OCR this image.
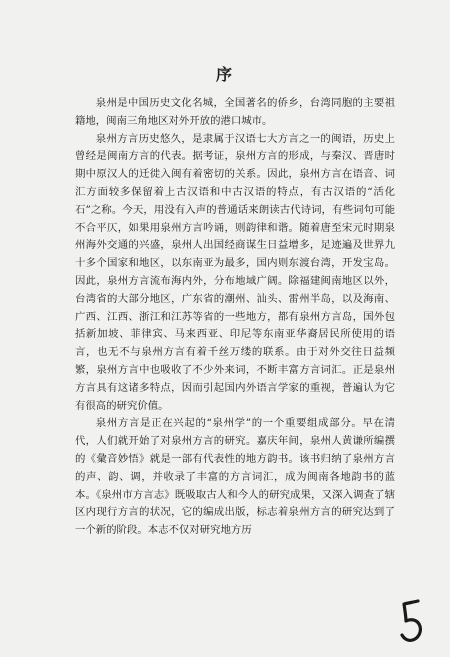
序

泉州是中国历史文化名城，全国著名的侨乡，台湾同胞的主要祖籍地，闽南三角地区对外开放的港口城市。

泉州方言历史悠久，是隶属于汉语七大方言之一的闽语，历史上曾经是闽南方言的代表。据考证，泉州方言的形成，与秦汉、晋唐时期中原汉人的迁徙入闽有着密切的关系。因此，泉州方言在语音、词汇方面较多保留着上古汉语和中古汉语的特点，有古汉语的“活化石”之称。今天，用没有入声的普通话来朗读古代诗词，有些词句可能不合平仄，如果用泉州方言吟诵，则韵律和谐。随着唐至宋元时期泉州海外交通的兴盛，泉州人出国经商谋生日益增多，足迹遍及世界九十多个国家和地区，以东南亚为最多，国内则东渡台湾，开发宝岛。因此，泉州方言流布海内外，分布地域广阔。除福建闽南地区以外，台湾省的大部分地区，广东省的潮州、汕头、雷州半岛，以及海南、广西、江西、浙江和江苏等省的一些地方，都有泉州方言岛，国外包括新加坡、菲律宾、马来西亚、印尼等东南亚华裔居民所使用的语言，也无不与泉州方言有着千丝万缕的联系。由于对外交往日益频繁，泉州方言中也吸收了不少外来词，不断丰富方言词汇。正是泉州方言具有这诸多特点，因而引起国内外语言学家的重视，普遍认为它有很高的研究价值。

泉州方言是正在兴起的“泉州学”的一个重要组成部分。早在清代，人们就开始了对泉州方言的研究。嘉庆年间，泉州人黄谦所编撰的《彙音妙悟》就是一部有代表性的地方韵书。该书归纳了泉州方言的声、韵、调，并收录了丰富的方言词汇，成为闽南各地韵书的蓝本。《泉州市方言志》既吸取古人和今人的研究成果，又深入调查了辖区内现行方言的状况，它的编成出版，标志着泉州方言的研究达到了一个新的阶段。本志不仅对研究地方历
